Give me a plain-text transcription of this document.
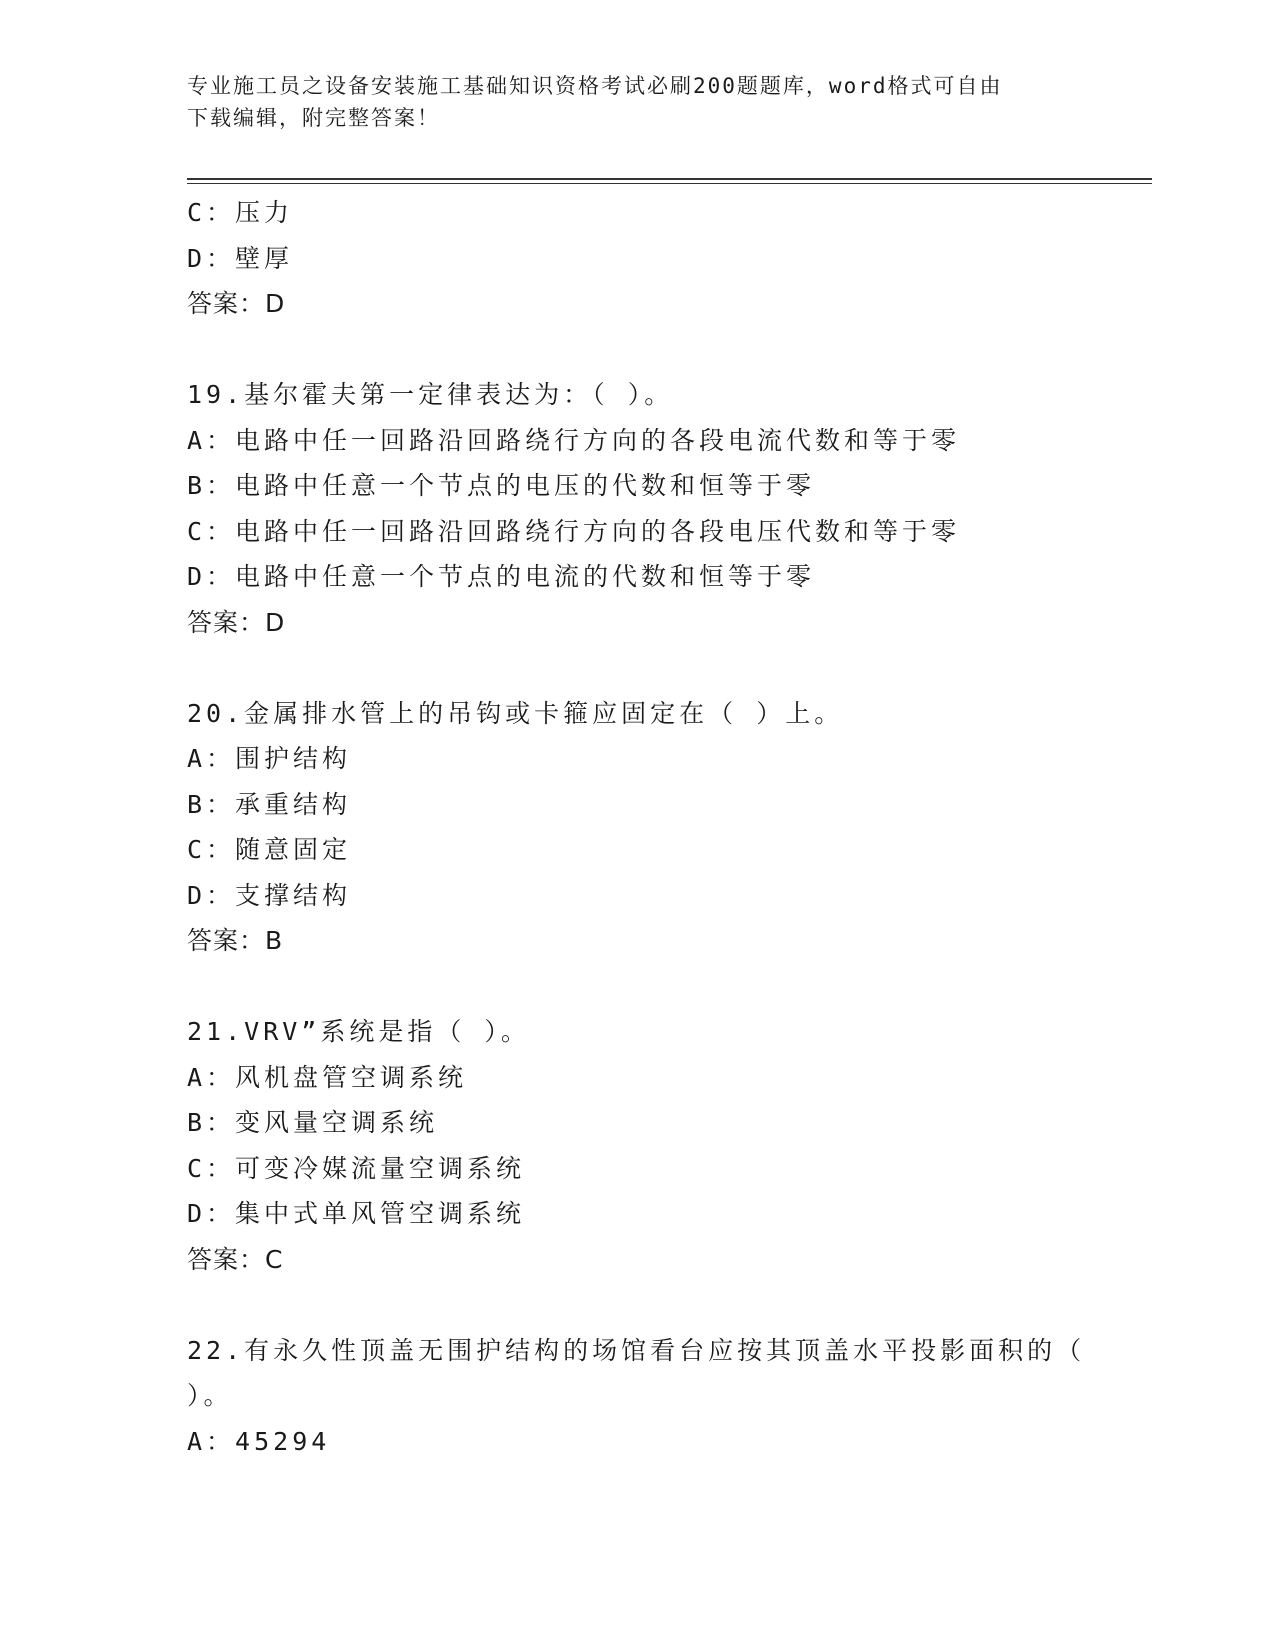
专业施工员之设备安装施工基础知识资格考试必刷200题题库，word格式可自由
下载编辑，附完整答案！
C：压力
D：壁厚
答案：D
19.基尔霍夫第一定律表达为：（ ）。
A：电路中任一回路沿回路绕行方向的各段电流代数和等于零
B：电路中任意一个节点的电压的代数和恒等于零
C：电路中任一回路沿回路绕行方向的各段电压代数和等于零
D：电路中任意一个节点的电流的代数和恒等于零
答案：D
20.金属排水管上的吊钩或卡箍应固定在（ ）上。
A：围护结构
B：承重结构
C：随意固定
D：支撑结构
答案：B
21.VRV”系统是指（ ）。
A：风机盘管空调系统
B：变风量空调系统
C：可变冷媒流量空调系统
D：集中式单风管空调系统
答案：C
22.有永久性顶盖无围护结构的场馆看台应按其顶盖水平投影面积的（
）。
A：45294
